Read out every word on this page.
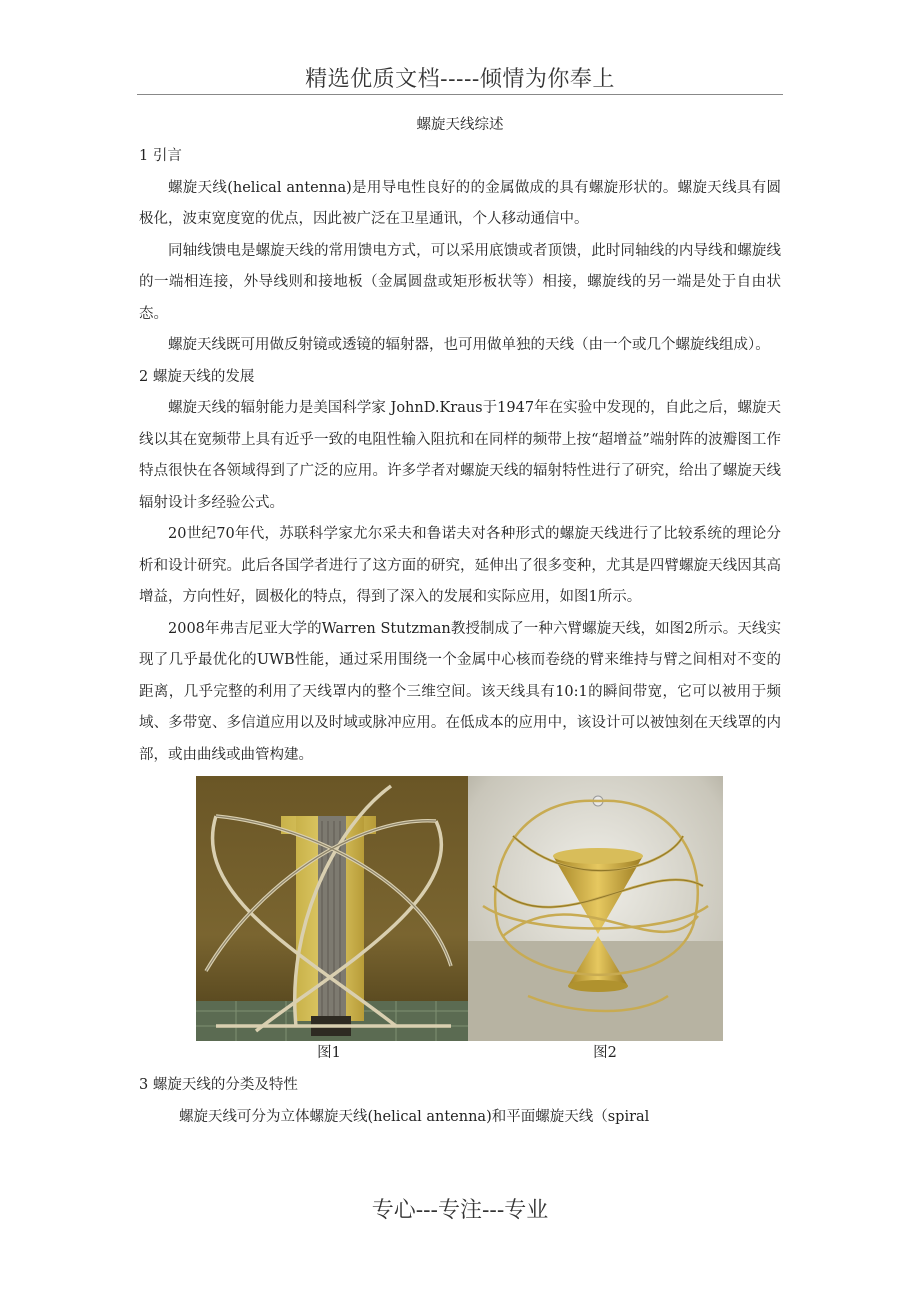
精选优质文档-----倾情为你奉上
螺旋天线综述

1 引言

螺旋天线(helical antenna)是用导电性良好的的金属做成的具有螺旋形状的。螺旋天线具有圆极化，波束宽度宽的优点，因此被广泛在卫星通讯，个人移动通信中。

同轴线馈电是螺旋天线的常用馈电方式，可以采用底馈或者顶馈，此时同轴线的内导线和螺旋线的一端相连接，外导线则和接地板（金属圆盘或矩形板状等）相接，螺旋线的另一端是处于自由状态。

螺旋天线既可用做反射镜或透镜的辐射器，也可用做单独的天线（由一个或几个螺旋线组成）。

2 螺旋天线的发展

螺旋天线的辐射能力是美国科学家 JohnD.Kraus于1947年在实验中发现的，自此之后，螺旋天线以其在宽频带上具有近乎一致的电阻性输入阻抗和在同样的频带上按“超增益”端射阵的波瓣图工作特点很快在各领域得到了广泛的应用。许多学者对螺旋天线的辐射特性进行了研究，给出了螺旋天线辐射设计多经验公式。

20世纪70年代，苏联科学家尤尔采夫和鲁诺夫对各种形式的螺旋天线进行了比较系统的理论分析和设计研究。此后各国学者进行了这方面的研究，延伸出了很多变种，尤其是四臂螺旋天线因其高增益，方向性好，圆极化的特点，得到了深入的发展和实际应用，如图1所示。

2008年弗吉尼亚大学的Warren Stutzman教授制成了一种六臂螺旋天线，如图2所示。天线实现了几乎最优化的UWB性能，通过采用围绕一个金属中心核而卷绕的臂来维持与臂之间相对不变的距离，几乎完整的利用了天线罩内的整个三维空间。该天线具有10:1的瞬间带宽，它可以被用于频域、多带宽、多信道应用以及时域或脉冲应用。在低成本的应用中，该设计可以被蚀刻在天线罩的内部，或由曲线或曲管构建。

图1	图2

3 螺旋天线的分类及特性

螺旋天线可分为立体螺旋天线(helical antenna)和平面螺旋天线（spiral

专心---专注---专业
